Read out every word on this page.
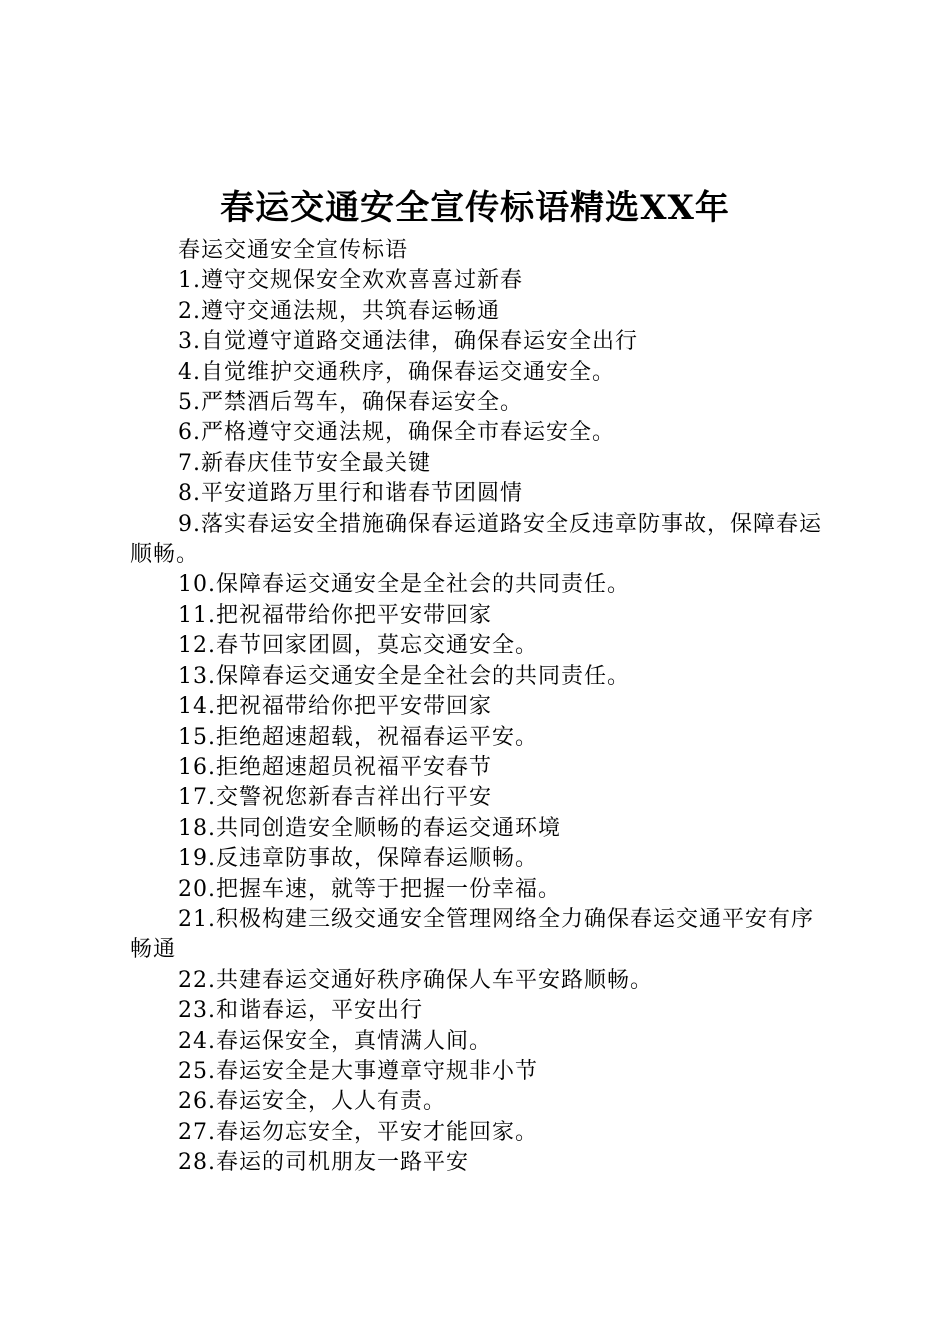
春运交通安全宣传标语精选XX年

春运交通安全宣传标语

1.遵守交规保安全欢欢喜喜过新春

2.遵守交通法规，共筑春运畅通

3.自觉遵守道路交通法律，确保春运安全出行

4.自觉维护交通秩序，确保春运交通安全。

5.严禁酒后驾车，确保春运安全。

6.严格遵守交通法规，确保全市春运安全。

7.新春庆佳节安全最关键

8.平安道路万里行和谐春节团圆情

9.落实春运安全措施确保春运道路安全反违章防事故，保障春运顺畅。

10.保障春运交通安全是全社会的共同责任。

11.把祝福带给你把平安带回家

12.春节回家团圆，莫忘交通安全。

13.保障春运交通安全是全社会的共同责任。

14.把祝福带给你把平安带回家

15.拒绝超速超载，祝福春运平安。

16.拒绝超速超员祝福平安春节

17.交警祝您新春吉祥出行平安

18.共同创造安全顺畅的春运交通环境

19.反违章防事故，保障春运顺畅。

20.把握车速，就等于把握一份幸福。

21.积极构建三级交通安全管理网络全力确保春运交通平安有序畅通

22.共建春运交通好秩序确保人车平安路顺畅。

23.和谐春运，平安出行

24.春运保安全，真情满人间。

25.春运安全是大事遵章守规非小节

26.春运安全，人人有责。

27.春运勿忘安全，平安才能回家。

28.春运的司机朋友一路平安
